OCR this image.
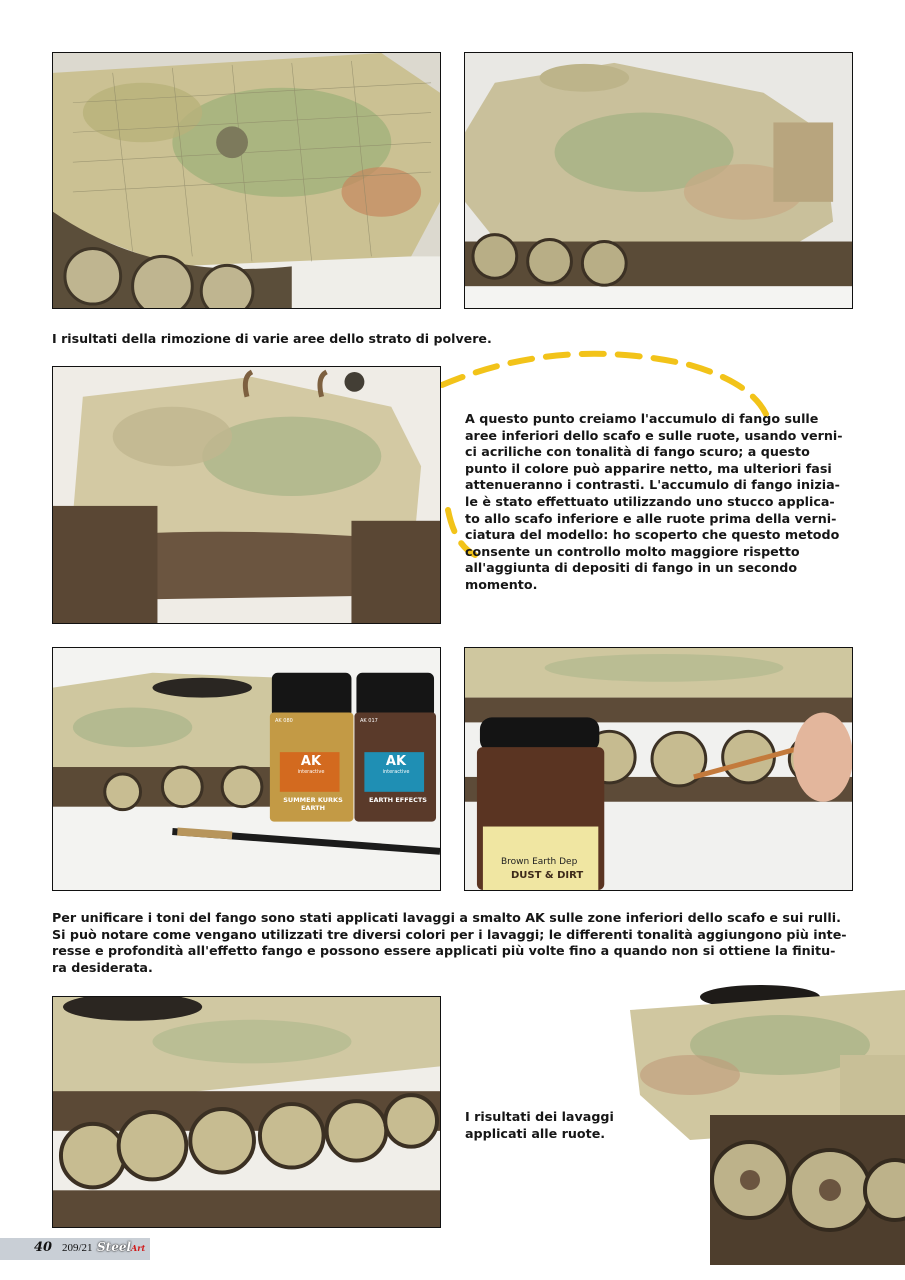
I risultati della rimozione di varie aree dello strato di polvere.

A questo punto creiamo l'accumulo di fango sulle
aree inferiori dello scafo e sulle ruote, usando verni-
ci acriliche con tonalità di fango scuro; a questo
punto il colore può apparire netto, ma ulteriori fasi
attenueranno i contrasti. L'accumulo di fango inizia-
le è stato effettuato utilizzando uno stucco applica-
to allo scafo inferiore e alle ruote prima della verni-
ciatura del modello: ho scoperto che questo metodo
consente un controllo molto maggiore rispetto
all'aggiunta di depositi di fango in un secondo
momento.
AK
interactive
SUMMER KURKS EARTH
AK 080
AK
interactive
EARTH EFFECTS
AK 017
Brown Earth Dep
DUST & DIRT
Per unificare i toni del fango sono stati applicati lavaggi a smalto AK sulle zone inferiori dello scafo e sui rulli.
Si può notare come vengano utilizzati tre diversi colori per i lavaggi; le differenti tonalità aggiungono più inte-
resse e profondità all'effetto fango e possono essere applicati più volte fino a quando non si ottiene la finitu-
ra desiderata.
I risultati dei lavaggi
applicati alle ruote.
40 209/21 SteelArt
